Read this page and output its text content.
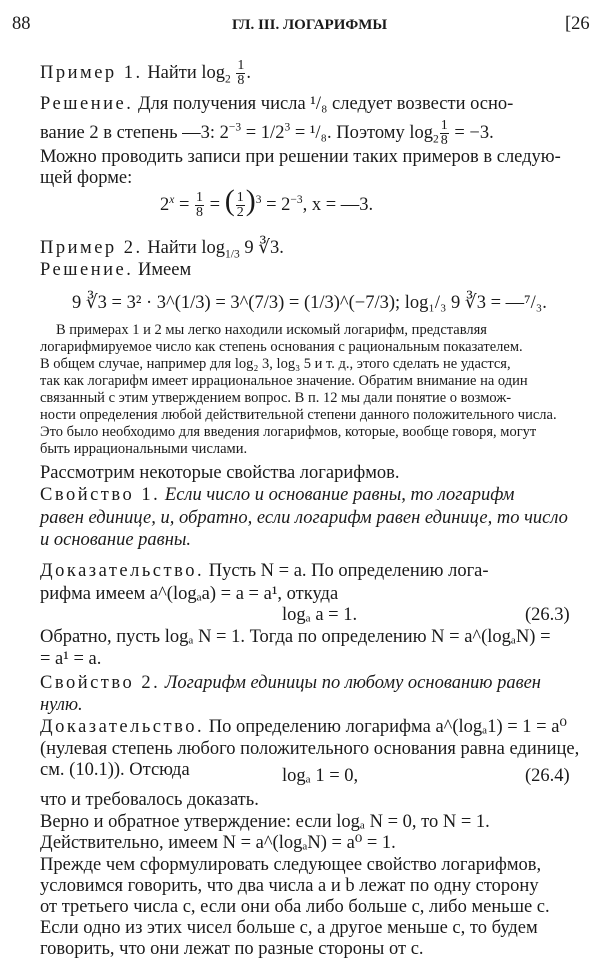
88	ГЛ. III. ЛОГАРИФМЫ	[26
Пример 1. Найти $\log_2 \frac{1}{8}$ .
Решение. Для получения числа ¹/₈ следует возвести осно-
вание 2 в степень —3: $2^{-3} = 1/2^3 = ^1/_8$. Поэтому $\log_2 \frac{1}{8} = -3$.
Можно проводить записи при решении таких примеров в следую-
щей форме:
$2^x = \frac{1}{8}$ = ( $\frac{1}{2} )^3 = 2^{-3}$, x = —3.
Пример 2. Найти $\log_{1/3} 9$ ∛3.
Решение. Имеем
9 ∛3 = 3² · 3^(1/3) = 3^(7/3) = (1/3)^(−7/3); log₁/₃ 9 ∛3 = —⁷/₃.
В примерах 1 и 2 мы легко находили искомый логарифм, представляя
логарифмируемое число как степень основания с рациональным показателем.
В общем случае, например для log₂ 3, log₃ 5 и т. д., этого сделать не удастся,
так как логарифм имеет иррациональное значение. Обратим внимание на один
связанный с этим утверждением вопрос. В п. 12 мы дали понятие о возмож-
ности определения любой действительной степени данного положительного числа.
Это было необходимо для введения логарифмов, которые, вообще говоря, могут
быть иррациональными числами.
Рассмотрим некоторые свойства логарифмов.
Свойство 1. Если число и основание равны, то логарифм
равен единице, и, обратно, если логарифм равен единице, то число
и основание равны.
Доказательство. Пусть N = a. По определению лога-
рифма имеем a^(logₐa) = a = a¹, откуда
logₐ a = 1.	(26.3)
Обратно, пусть logₐ N = 1. Тогда по определению N = a^(logₐN) =
= a¹ = a.
Свойство 2. Логарифм единицы по любому основанию равен
нулю.
Доказательство. По определению логарифма a^(logₐ1) = 1 = a⁰
(нулевая степень любого положительного основания равна единице,
см. (10.1)). Отсюда	logₐ 1 = 0,	(26.4)
что и требовалось доказать.
Верно и обратное утверждение: если logₐ N = 0, то N = 1.
Действительно, имеем N = a^(logₐN) = a⁰ = 1.
Прежде чем сформулировать следующее свойство логарифмов,
условимся говорить, что два числа a и b лежат по одну сторону
от третьего числа c, если они оба либо больше c, либо меньше c.
Если одно из этих чисел больше c, а другое меньше c, то будем
говорить, что они лежат по разные стороны от c.
